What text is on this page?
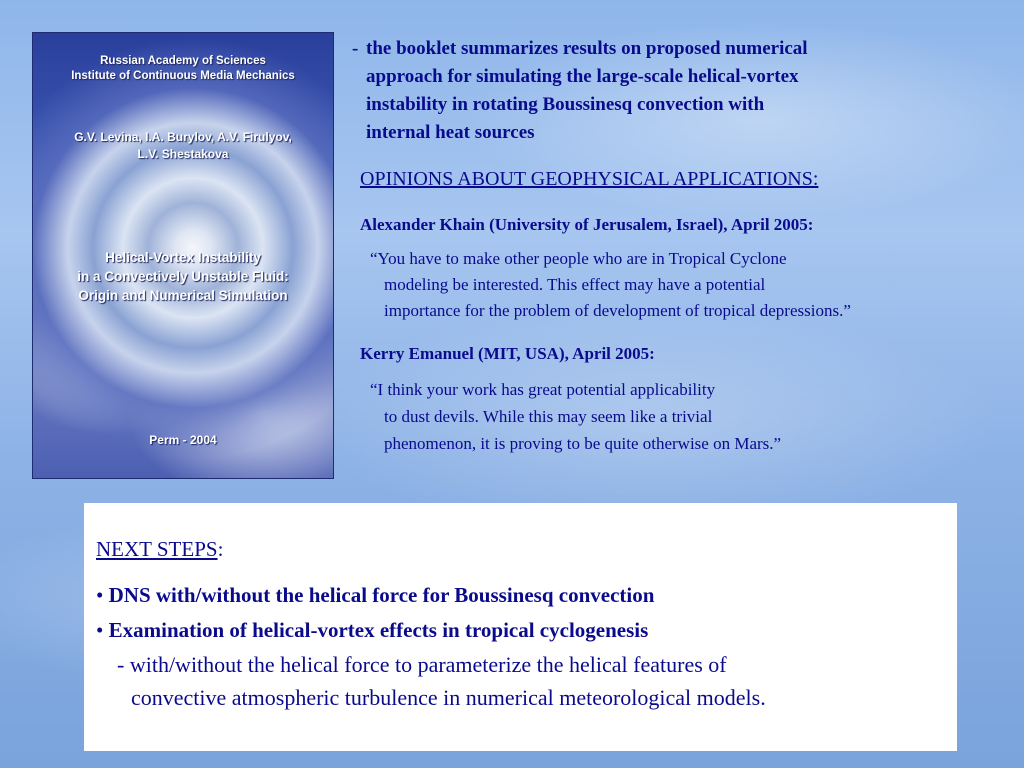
Russian Academy of Sciences
Institute of Continuous Media Mechanics
G.V. Levina, I.A. Burylov, A.V. Firulyov,
L.V. Shestakova
Helical-Vortex Instability
in a Convectively Unstable Fluid:
Origin and Numerical Simulation
Perm - 2004
- the booklet summarizes results on proposed numerical
approach for simulating the large-scale helical-vortex
instability in rotating Boussinesq convection with
internal heat sources
OPINIONS ABOUT GEOPHYSICAL APPLICATIONS:
Alexander Khain (University of Jerusalem, Israel), April 2005:
“You have to make other people who are in Tropical Cyclone
modeling be interested. This effect may have a potential
importance for the problem of development of tropical depressions.”
Kerry Emanuel (MIT, USA), April 2005:
“I think your work has great potential applicability
to dust devils. While this may seem like a trivial
phenomenon, it is proving to be quite otherwise on Mars.”
NEXT STEPS:
• DNS with/without the helical force for Boussinesq convection
• Examination of helical-vortex effects in tropical cyclogenesis
- with/without the helical force to parameterize the helical features of
convective atmospheric turbulence in numerical meteorological models.
